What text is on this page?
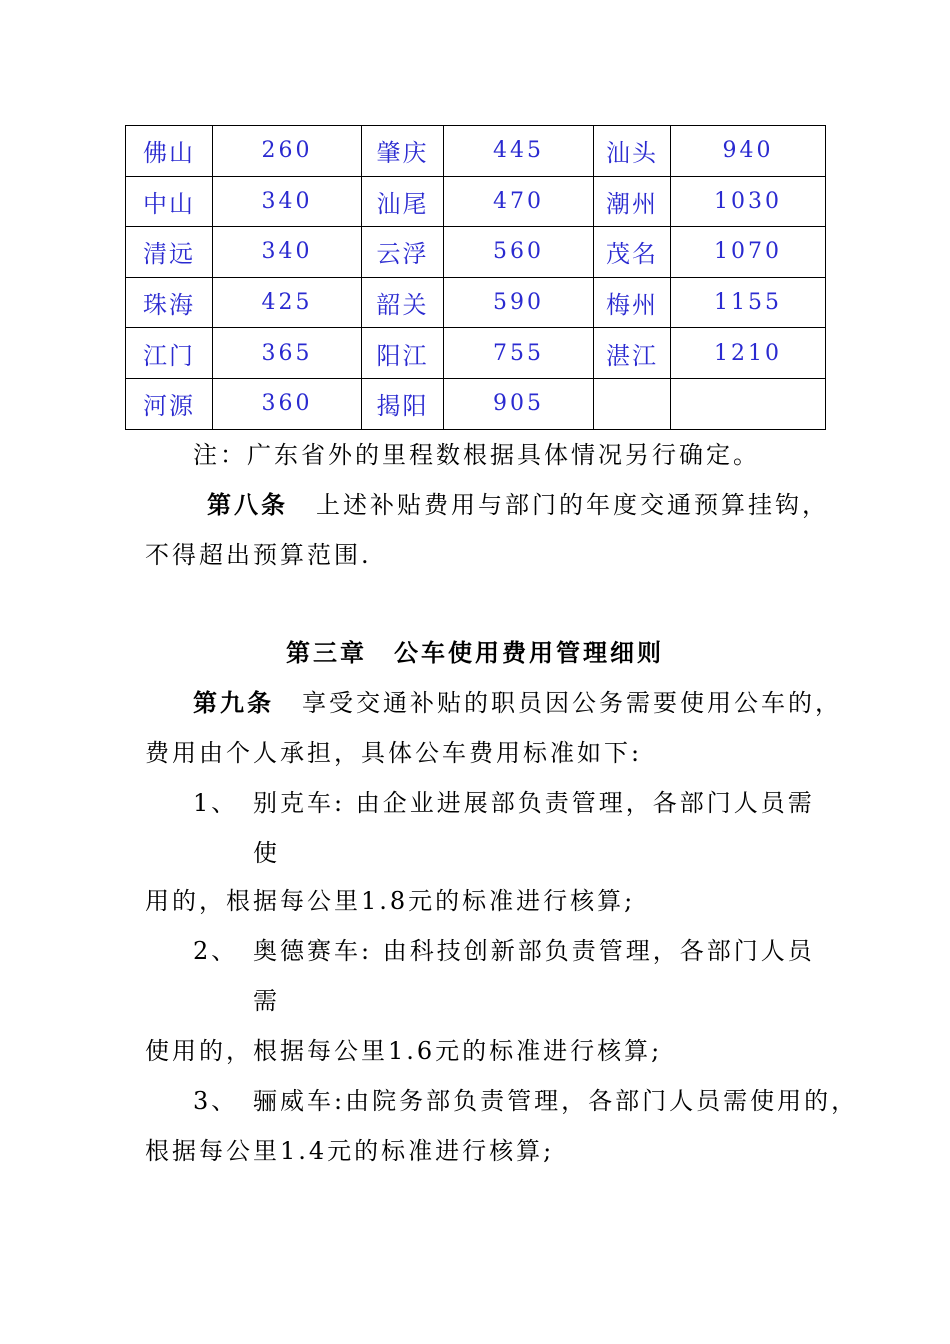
佛山	260	肇庆	445	汕头	940
中山	340	汕尾	470	潮州	1030
清远	340	云浮	560	茂名	1070
珠海	425	韶关	590	梅州	1155
江门	365	阳江	755	湛江	1210
河源	360	揭阳	905		
注：广东省外的里程数根据具体情况另行确定。
第八条 上述补贴费用与部门的年度交通预算挂钩，
不得超出预算范围.
第三章　公车使用费用管理细则
第九条 享受交通补贴的职员因公务需要使用公车的，
费用由个人承担，具体公车费用标准如下:
1、 别克车: 由企业进展部负责管理，各部门人员需
使
用的，根据每公里1.8元的标准进行核算;
2、 奥德赛车: 由科技创新部负责管理，各部门人员
需
使用的，根据每公里1.6元的标准进行核算;
3、 骊威车:由院务部负责管理，各部门人员需使用的，
根据每公里1.4元的标准进行核算;
